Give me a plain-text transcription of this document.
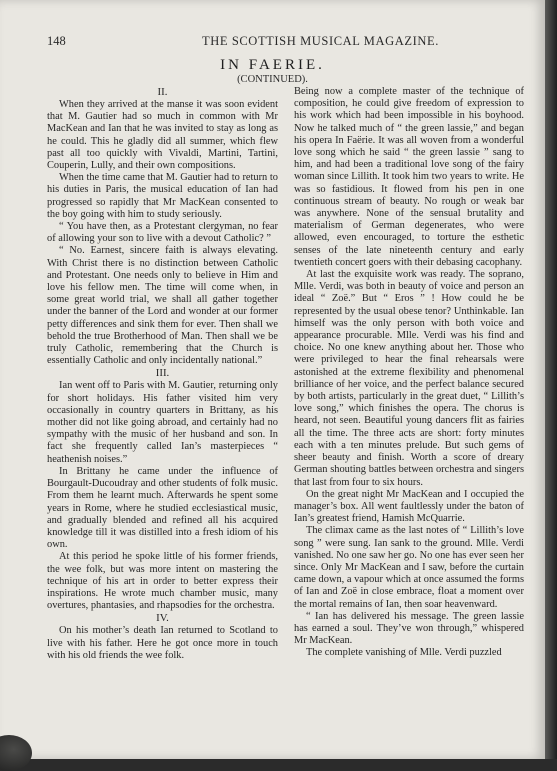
148	THE SCOTTISH MUSICAL MAGAZINE.
IN FAERIE.
(CONTINUED).
II.

When they arrived at the manse it was soon evident that M. Gautier had so much in common with Mr MacKean and Ian that he was invited to stay as long as he could. This he gladly did all summer, which flew past all too quickly with Vivaldi, Martini, Tartini, Couperin, Lully, and their own compositions.

When the time came that M. Gautier had to return to his duties in Paris, the musical education of Ian had progressed so rapidly that Mr MacKean consented to the boy going with him to study seriously.

“ You have then, as a Protestant clergyman, no fear of allowing your son to live with a devout Catholic? ”

“ No. Earnest, sincere faith is always elevating. With Christ there is no distinction between Catholic and Protestant. One needs only to believe in Him and love his fellow men. The time will come when, in some great world trial, we shall all gather together under the banner of the Lord and wonder at our former petty differences and sink them for ever. Then shall we behold the true Brotherhood of Man. Then shall we be truly Catholic, remembering that the Church is essentially Catholic and only incidentally national.”

III.

Ian went off to Paris with M. Gautier, returning only for short holidays. His father visited him very occasionally in country quarters in Brittany, as his mother did not like going abroad, and certainly had no sympathy with the music of her husband and son. In fact she frequently called Ian’s masterpieces “ heathenish noises.”

In Brittany he came under the influence of Bourgault-Ducoudray and other students of folk music. From them he learnt much. Afterwards he spent some years in Rome, where he studied ecclesiastical music, and gradually blended and refined all his acquired knowledge till it was distilled into a fresh idiom of his own.

At this period he spoke little of his former friends, the wee folk, but was more intent on mastering the technique of his art in order to better express their inspirations. He wrote much chamber music, many overtures, phantasies, and rhapsodies for the orchestra.

IV.

On his mother’s death Ian returned to Scotland to live with his father. Here he got once more in touch with his old friends the wee folk.

Being now a complete master of the technique of composition, he could give freedom of expression to his work which had been impossible in his boyhood. Now he talked much of “ the green lassie,” and began his opera In Faërie. It was all woven from a wonderful love song which he said “ the green lassie ” sang to him, and had been a traditional love song of the fairy woman since Lillith. It took him two years to write. He was so fastidious. It flowed from his pen in one continuous stream of beauty. No rough or weak bar was anywhere. None of the sensual brutality and materialism of German degenerates, who were allowed, even encouraged, to torture the esthetic senses of the late nineteenth century and early twentieth concert goers with their debasing cacophany.

At last the exquisite work was ready. The soprano, Mlle. Verdi, was both in beauty of voice and person an ideal “ Zoë.” But “ Eros ” ! How could he be represented by the usual obese tenor? Unthinkable. Ian himself was the only person with both voice and appearance procurable. Mlle. Verdi was his find and choice. No one knew anything about her. Those who were privileged to hear the final rehearsals were astonished at the extreme flexibility and phenomenal brilliance of her voice, and the perfect balance secured by both artists, particularly in the great duet, “ Lillith’s love song,” which finishes the opera. The chorus is heard, not seen. Beautiful young dancers flit as fairies all the time. The three acts are short: forty minutes each with a ten minutes prelude. But such gems of sheer beauty and finish. Worth a score of dreary German shouting battles between orchestra and singers that last from four to six hours.

On the great night Mr MacKean and I occupied the manager’s box. All went faultlessly under the baton of Ian’s greatest friend, Hamish McQuarrie.

The climax came as the last notes of “ Lillith’s love song ” were sung. Ian sank to the ground. Mlle. Verdi vanished. No one saw her go. No one has ever seen her since. Only Mr MacKean and I saw, before the curtain came down, a vapour which at once assumed the forms of Ian and Zoë in close embrace, float a moment over the mortal remains of Ian, then soar heavenward.

“ Ian has delivered his message. The green lassie has earned a soul. They’ve won through,” whispered Mr MacKean.

The complete vanishing of Mlle. Verdi puzzled
